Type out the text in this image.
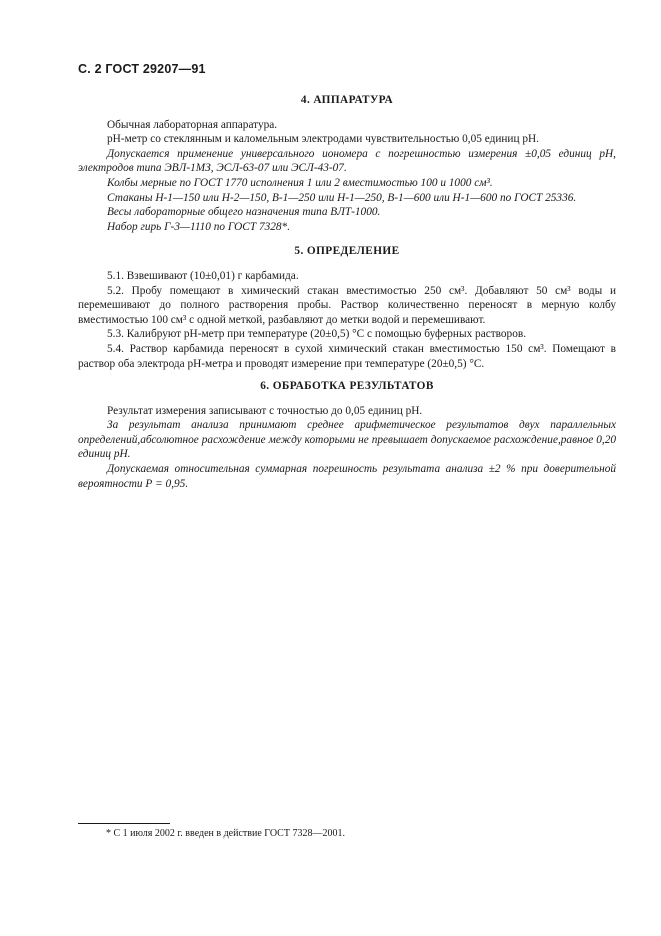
С. 2 ГОСТ 29207—91
4. АППАРАТУРА

Обычная лабораторная аппаратура.

pH-метр со стеклянным и каломельным электродами чувствительностью 0,05 единиц pH.

Допускается применение универсального иономера с погрешностью измерения ±0,05 единиц pH, электродов типа ЭВЛ-1МЗ, ЭСЛ-63-07 или ЭСЛ-43-07.

Колбы мерные по ГОСТ 1770 исполнения 1 или 2 вместимостью 100 и 1000 см³.

Стаканы Н-1—150 или Н-2—150, В-1—250 или Н-1—250, В-1—600 или Н-1—600 по ГОСТ 25336.

Весы лабораторные общего назначения типа ВЛТ-1000.

Набор гирь Г-3—1110 по ГОСТ 7328*.

5. ОПРЕДЕЛЕНИЕ

5.1. Взвешивают (10±0,01) г карбамида.

5.2. Пробу помещают в химический стакан вместимостью 250 см³. Добавляют 50 см³ воды и перемешивают до полного растворения пробы. Раствор количественно переносят в мерную колбу вместимостью 100 см³ с одной меткой, разбавляют до метки водой и перемешивают.

5.3. Калибруют pH-метр при температуре (20±0,5) °С с помощью буферных растворов.

5.4. Раствор карбамида переносят в сухой химический стакан вместимостью 150 см³. Помещают в раствор оба электрода pH-метра и проводят измерение при температуре (20±0,5) °С.

6. ОБРАБОТКА РЕЗУЛЬТАТОВ

Результат измерения записывают с точностью до 0,05 единиц pH.

За результат анализа принимают среднее арифметическое результатов двух параллельных определений,абсолютное расхождение между которыми не превышает допускаемое расхождение,равное 0,20 единиц pH.

Допускаемая относительная суммарная погрешность результата анализа ±2 % при доверительной вероятности Р = 0,95.

* С 1 июля 2002 г. введен в действие ГОСТ 7328—2001.
